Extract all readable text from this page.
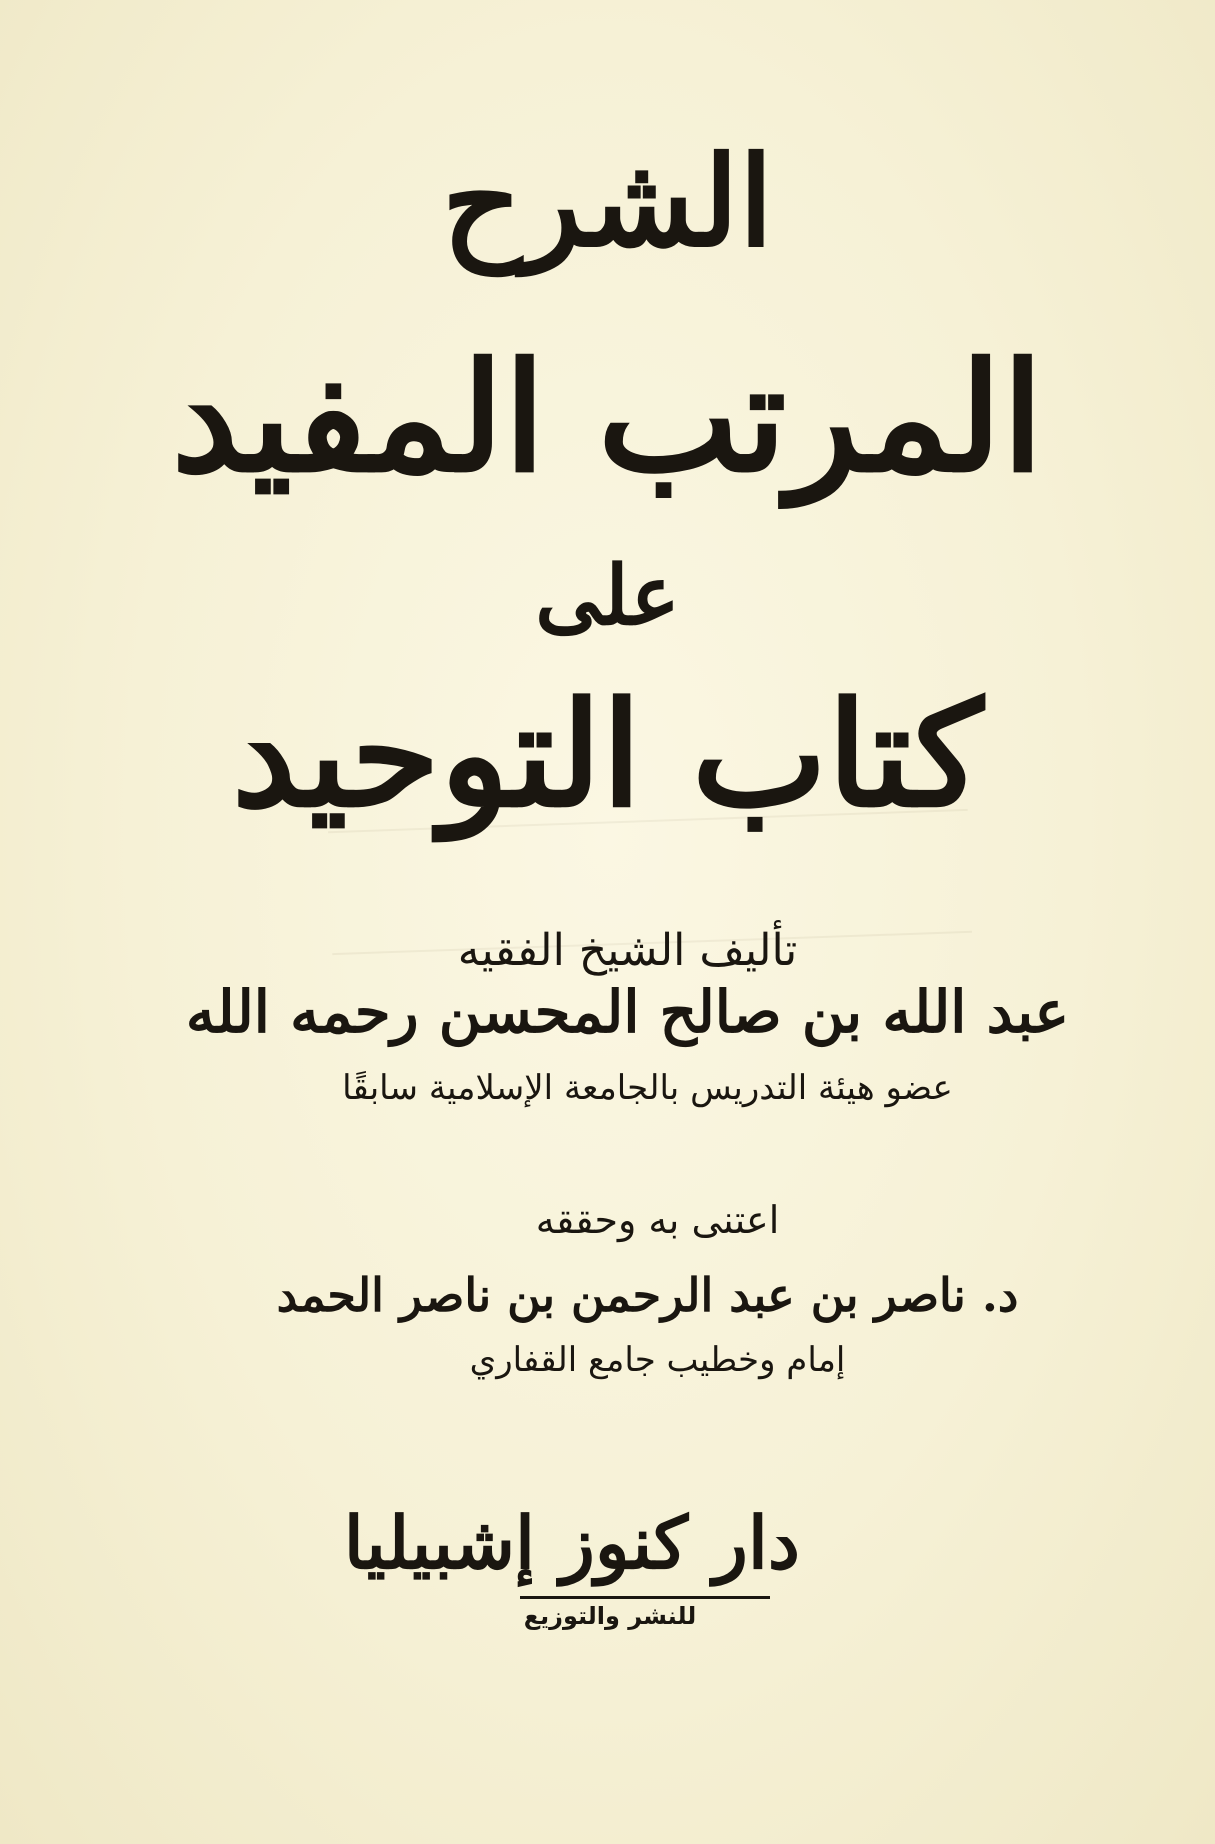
الشرح
المرتب المفيد
على
كتاب التوحيد
تأليف الشيخ الفقيه
عبد الله بن صالح المحسن رحمه الله
عضو هيئة التدريس بالجامعة الإسلامية سابقًا
اعتنى به وحققه
د. ناصر بن عبد الرحمن بن ناصر الحمد
إمام وخطيب جامع القفاري
دار كنوز إشبيليا
للنشر والتوزيع
